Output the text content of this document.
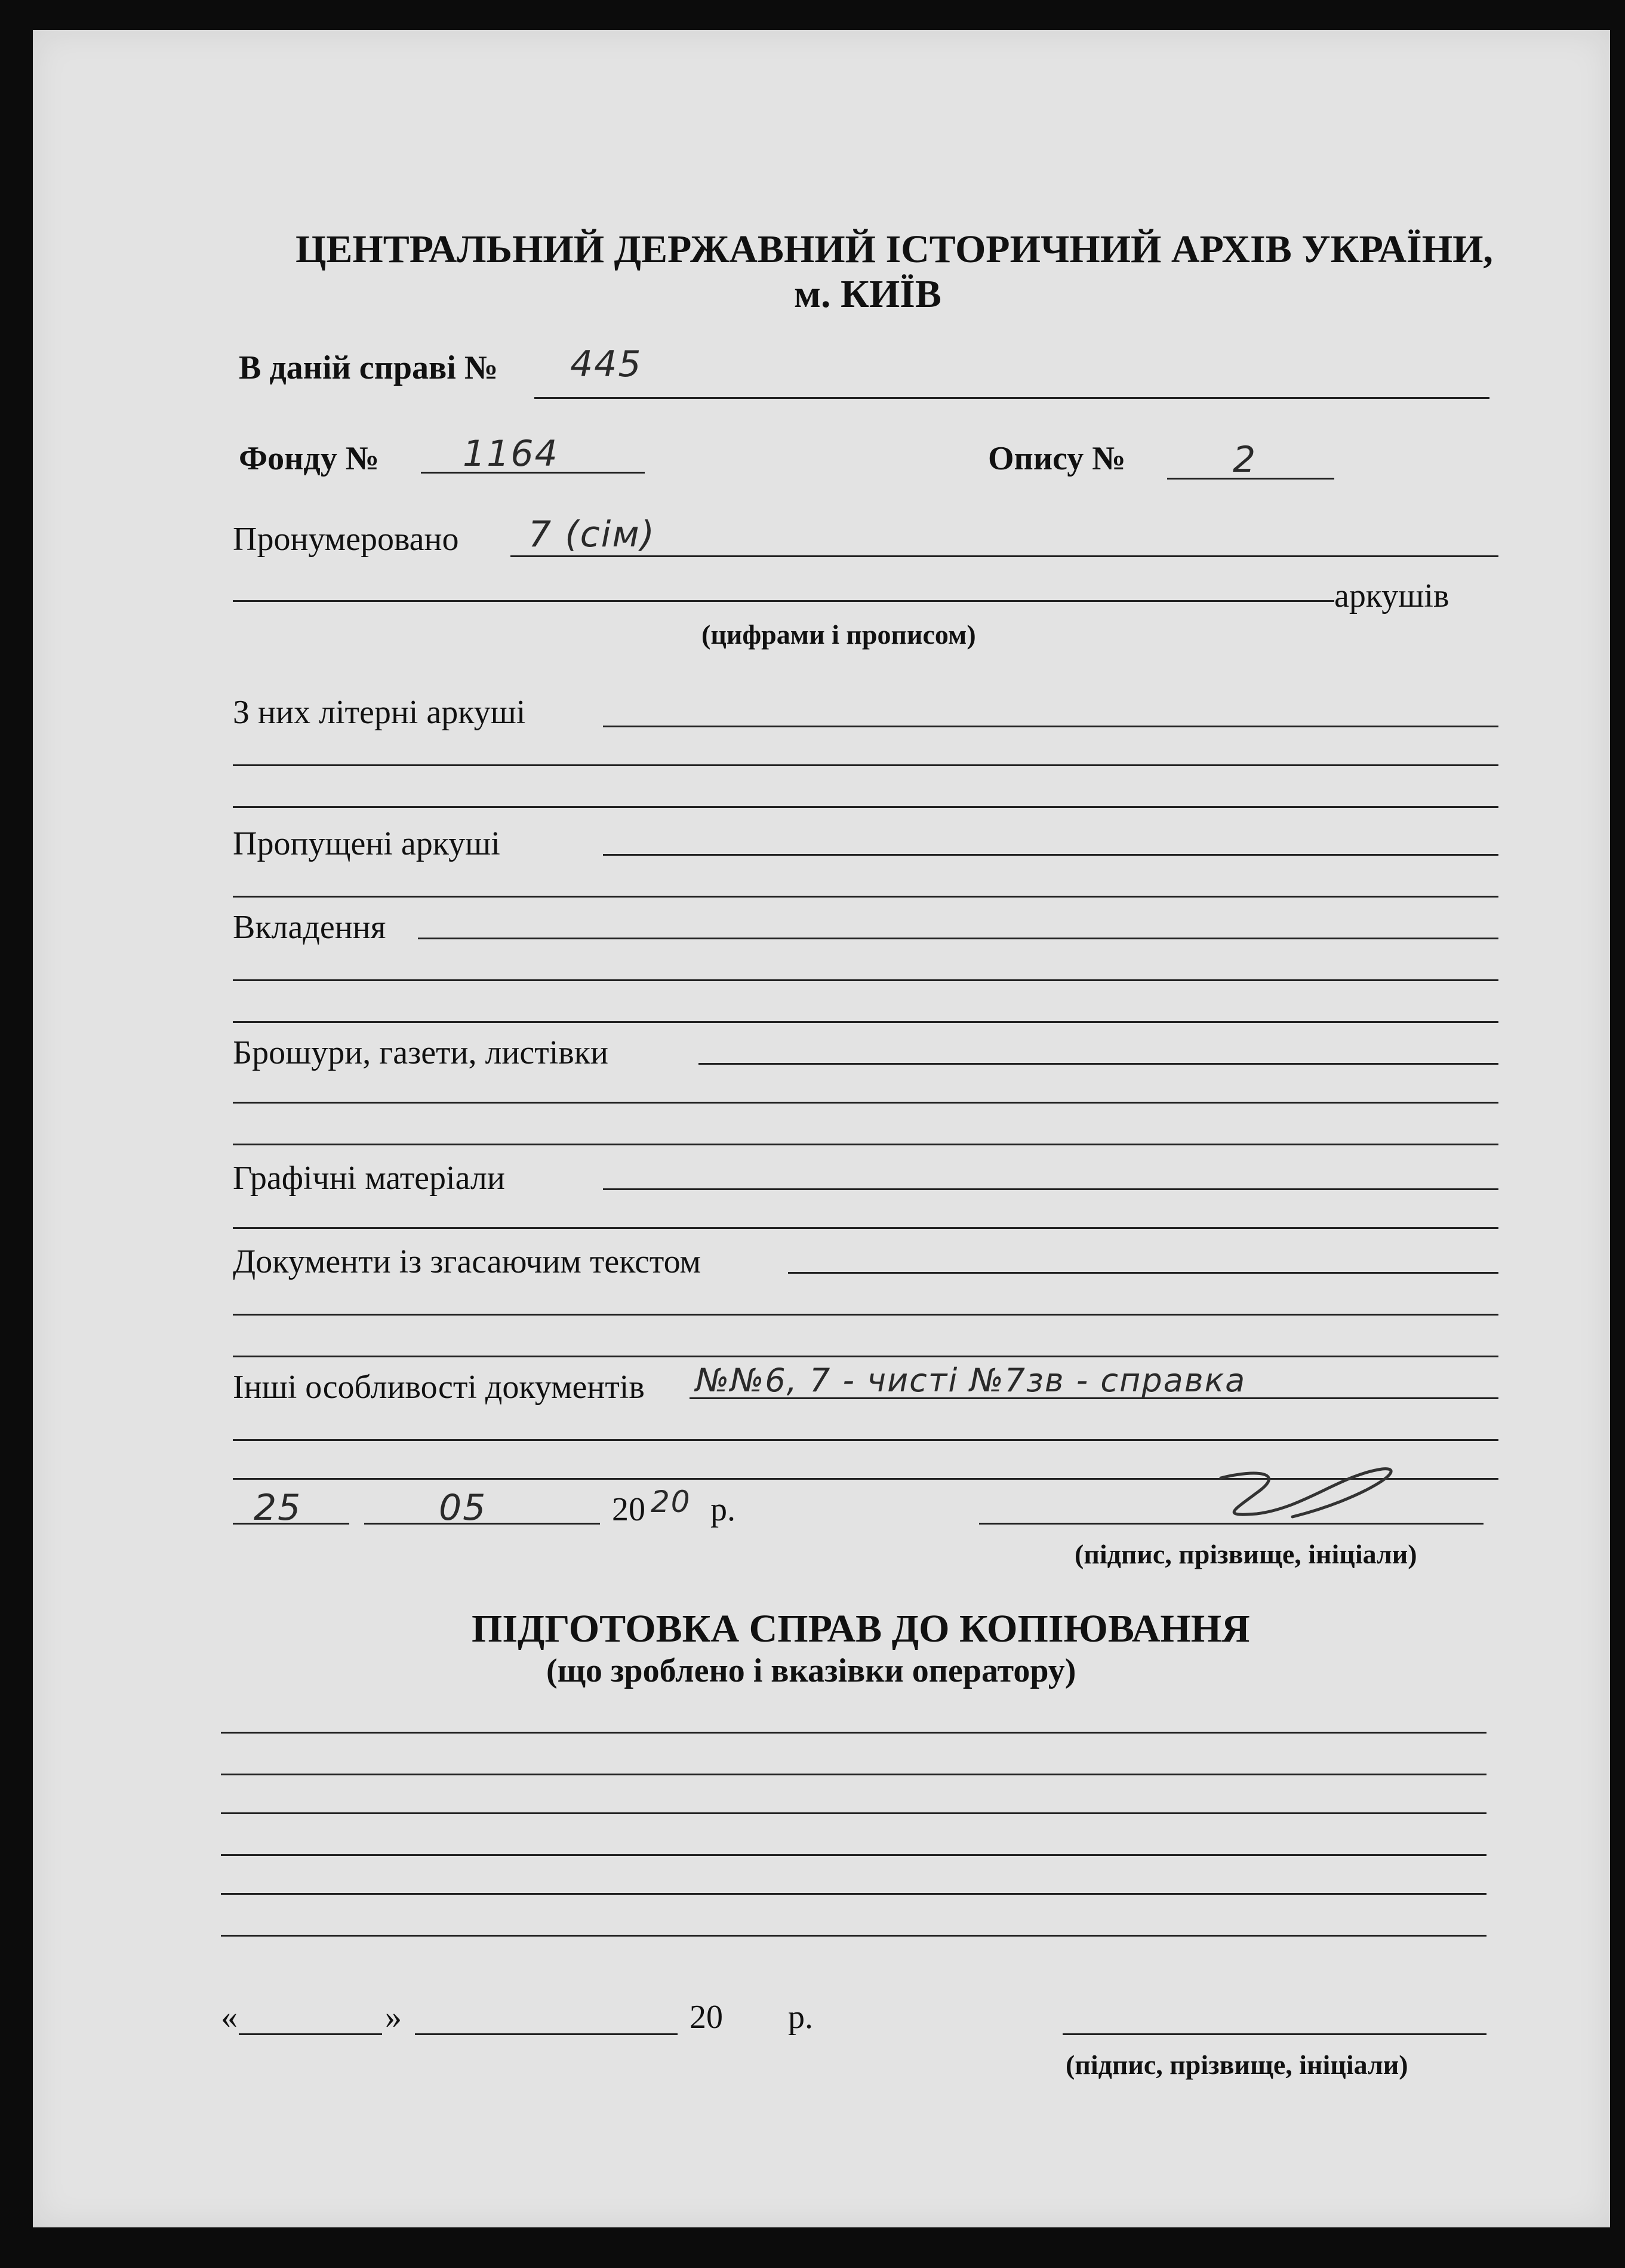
ЦЕНТРАЛЬНИЙ ДЕРЖАВНИЙ ІСТОРИЧНИЙ АРХІВ УКРАЇНИ,
м. КИЇВ
В даній справі № 445
Фонду № 1164	Опису №	2
Пронумеровано 7 (сім)
аркушів
(цифрами і прописом)
З них літерні аркуші
Пропущені аркуші
Вкладення
Брошури, газети, листівки
Графічні матеріали
Документи із згасаючим текстом
Інші особливості документів №№6, 7 - чисті №7зв - справка
25	05	20 20 р.
(підпис, прізвище, ініціали)
ПІДГОТОВКА СПРАВ ДО КОПІЮВАННЯ
(що зроблено і вказівки оператору)
«	»	20 р.
(підпис, прізвище, ініціали)
